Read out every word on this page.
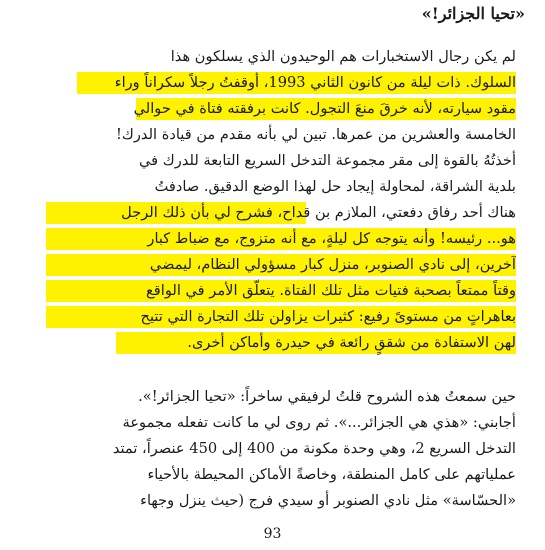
«تحيا الجزائر!»
لم يكن رجال الاستخبارات هم الوحيدون الذي يسلكون هذا
السلوك. ذات ليلة من كانون الثاني 1993، أوقفتُ رجلاً سكراناً وراء
مقود سيارته، لأنه خرقَ منعَ التجول. كانت برفقته فتاة في حوالي
الخامسة والعشرين من عمرها. تبين لي بأنه مقدم من قيادة الدرك!
أخذتُهُ بالقوة إلى مقر مجموعة التدخل السريع التابعة للدرك في
بلدية الشراقة، لمحاولة إيجاد حل لهذا الوضع الدقيق. صادفتُ
هناك أحد رفاق دفعتي، الملازم بن قداح، فشرح لي بأن ذلك الرجل
هو... رئيسه! وأنه يتوجه كل ليلةٍ، مع أنه متزوج، مع ضباط كبار
آخرين، إلى نادي الصنوبر، منزل كبار مسؤولي النظام، ليمضي
وقتاً ممتعاً بصحبة فتيات مثل تلك الفتاة. يتعلّق الأمر في الواقع
بعاهراتٍ من مستوىً رفيع: كثيرات يزاولن تلك التجارة التي تتيح
لهن الاستفادة من شققٍ رائعة في حيدرة وأماكن أخرى.
حين سمعتُ هذه الشروح قلتُ لرفيقي ساخراً: «تحيا الجزائر!».
أجابني: «هذي هي الجزائر...». ثم روى لي ما كانت تفعله مجموعة
التدخل السريع 2، وهي وحدة مكونة من 400 إلى 450 عنصراً، تمتد
عملياتهم على كامل المنطقة، وخاصةً الأماكن المحيطة بالأحياء
«الحسّاسة» مثل نادي الصنوبر أو سيدي فرج (حيث ينزل وجهاء
93
